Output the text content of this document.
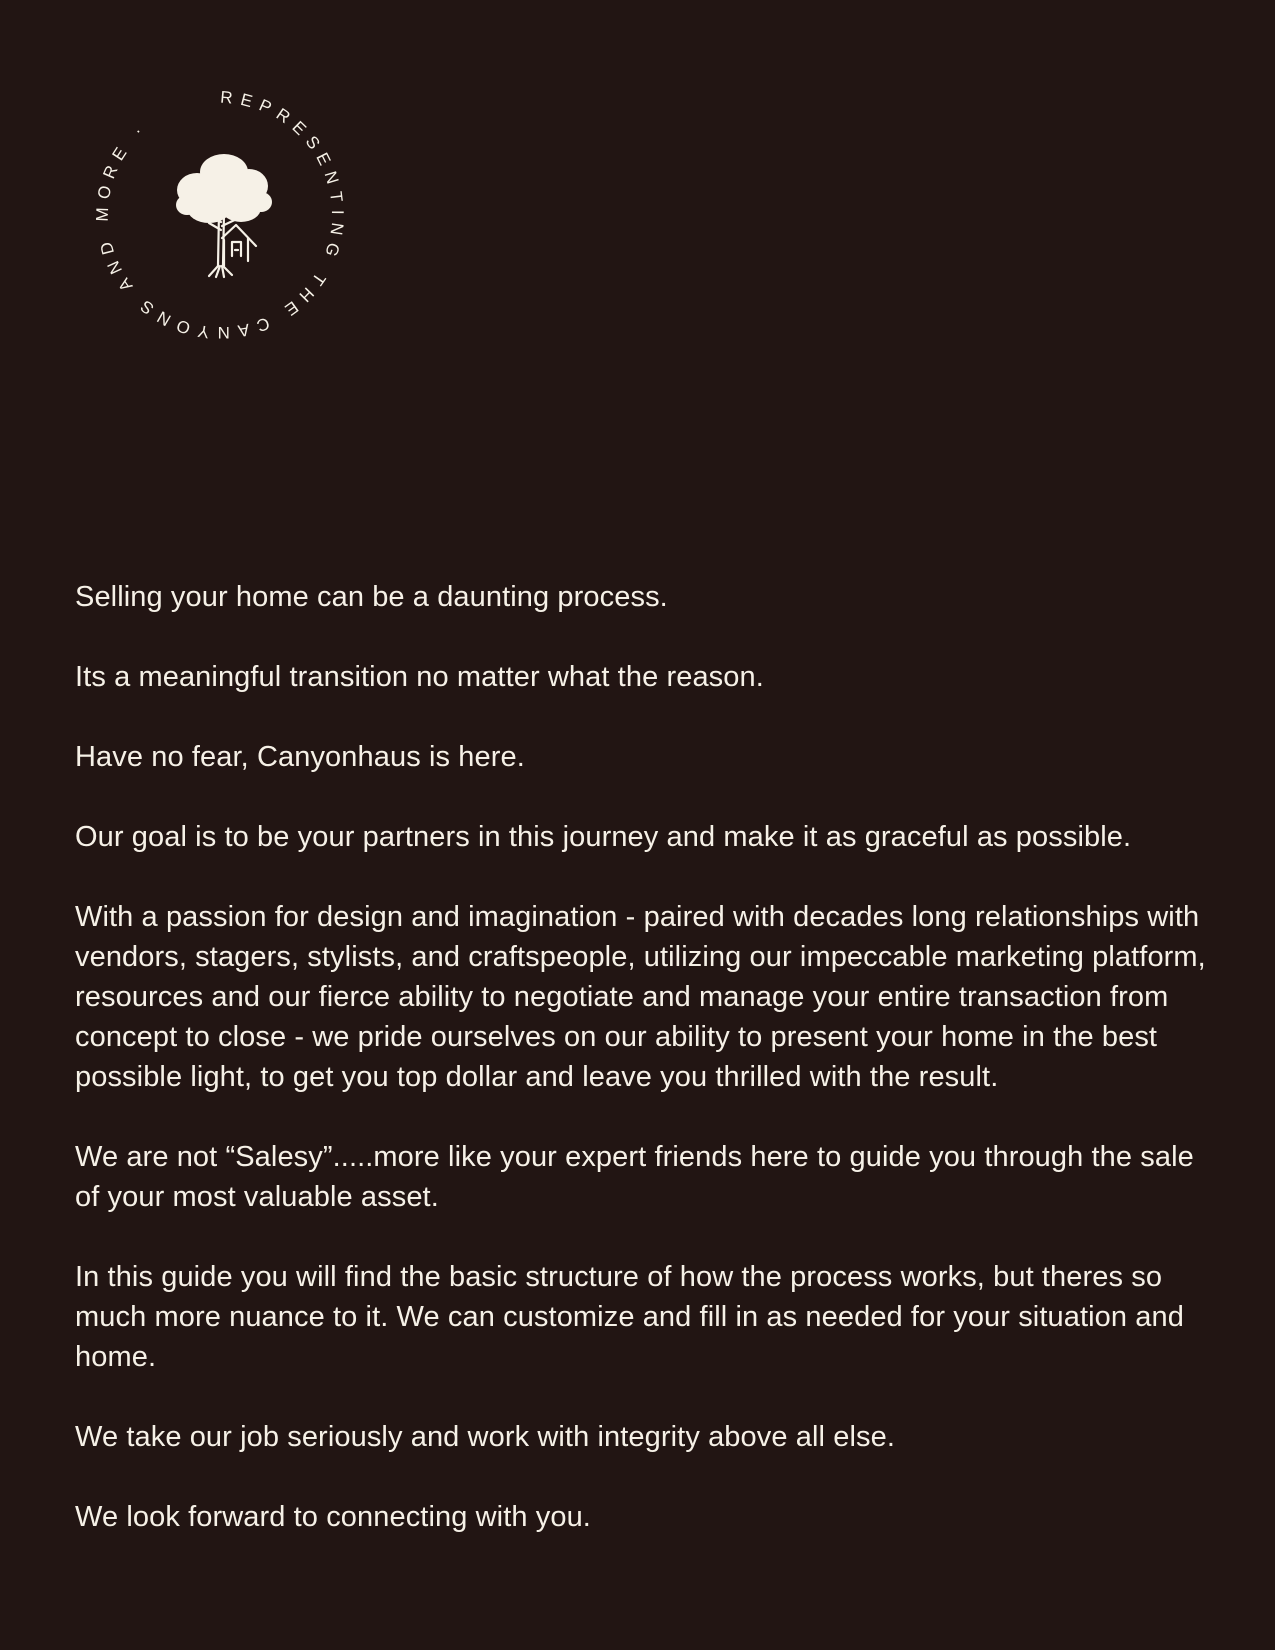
REPRESENTING THE CANYONS AND MORE ·

Selling your home can be a daunting process.

Its a meaningful transition no matter what the reason.

Have no fear, Canyonhaus is here.

Our goal is to be your partners in this journey and make it as graceful as possible.

With a passion for design and imagination - paired with decades long relationships with vendors, stagers, stylists, and craftspeople, utilizing our impeccable marketing platform, resources and our fierce ability to negotiate and manage your entire transaction from concept to close - we pride ourselves on our ability to present your home in the best possible light, to get you top dollar and leave you thrilled with the result.

We are not “Salesy”.....more like your expert friends here to guide you through the sale of your most valuable asset.

In this guide you will find the basic structure of how the process works, but theres so much more nuance to it. We can customize and fill in as needed for your situation and home.

We take our job seriously and work with integrity above all else.

We look forward to connecting with you.
